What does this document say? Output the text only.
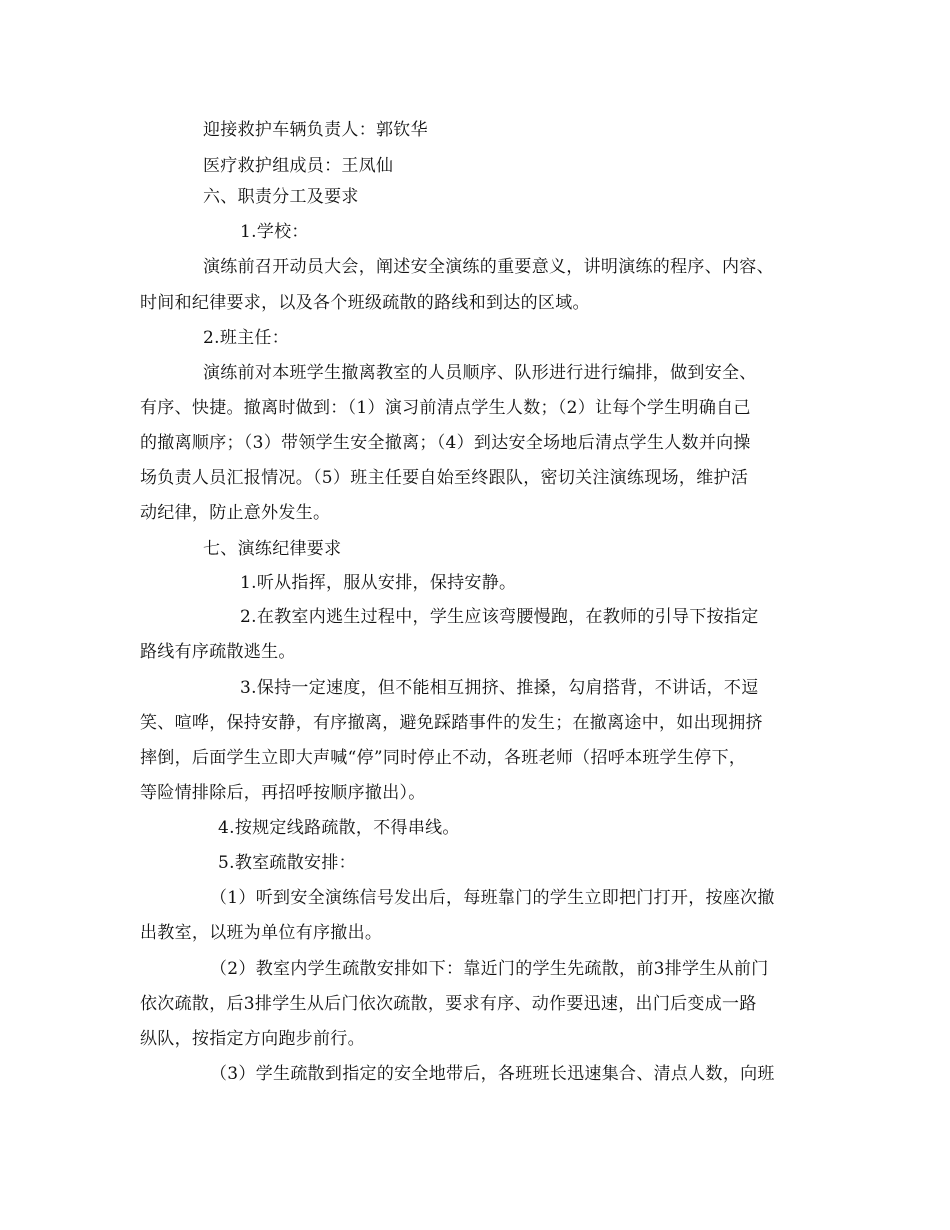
迎接救护车辆负责人：郭钦华
医疗救护组成员：王凤仙
六、职责分工及要求
1.学校：
演练前召开动员大会，阐述安全演练的重要意义，讲明演练的程序、内容、
时间和纪律要求，以及各个班级疏散的路线和到达的区域。
2.班主任：
演练前对本班学生撤离教室的人员顺序、队形进行进行编排，做到安全、
有序、快捷。撤离时做到：（1）演习前清点学生人数；（2）让每个学生明确自己
的撤离顺序；（3）带领学生安全撤离；（4）到达安全场地后清点学生人数并向操
场负责人员汇报情况。（5）班主任要自始至终跟队，密切关注演练现场，维护活
动纪律，防止意外发生。
七、演练纪律要求
1.听从指挥，服从安排，保持安静。
2.在教室内逃生过程中，学生应该弯腰慢跑，在教师的引导下按指定
路线有序疏散逃生。
3.保持一定速度，但不能相互拥挤、推搡，勾肩搭背，不讲话，不逗
笑、喧哗，保持安静，有序撤离，避免踩踏事件的发生；在撤离途中，如出现拥挤
摔倒，后面学生立即大声喊“停”同时停止不动，各班老师（招呼本班学生停下，
等险情排除后，再招呼按顺序撤出）。
4.按规定线路疏散，不得串线。
5.教室疏散安排：
（1）听到安全演练信号发出后，每班靠门的学生立即把门打开，按座次撤
出教室，以班为单位有序撤出。
（2）教室内学生疏散安排如下：靠近门的学生先疏散，前3排学生从前门
依次疏散，后3排学生从后门依次疏散，要求有序、动作要迅速，出门后变成一路
纵队，按指定方向跑步前行。
（3）学生疏散到指定的安全地带后，各班班长迅速集合、清点人数，向班
